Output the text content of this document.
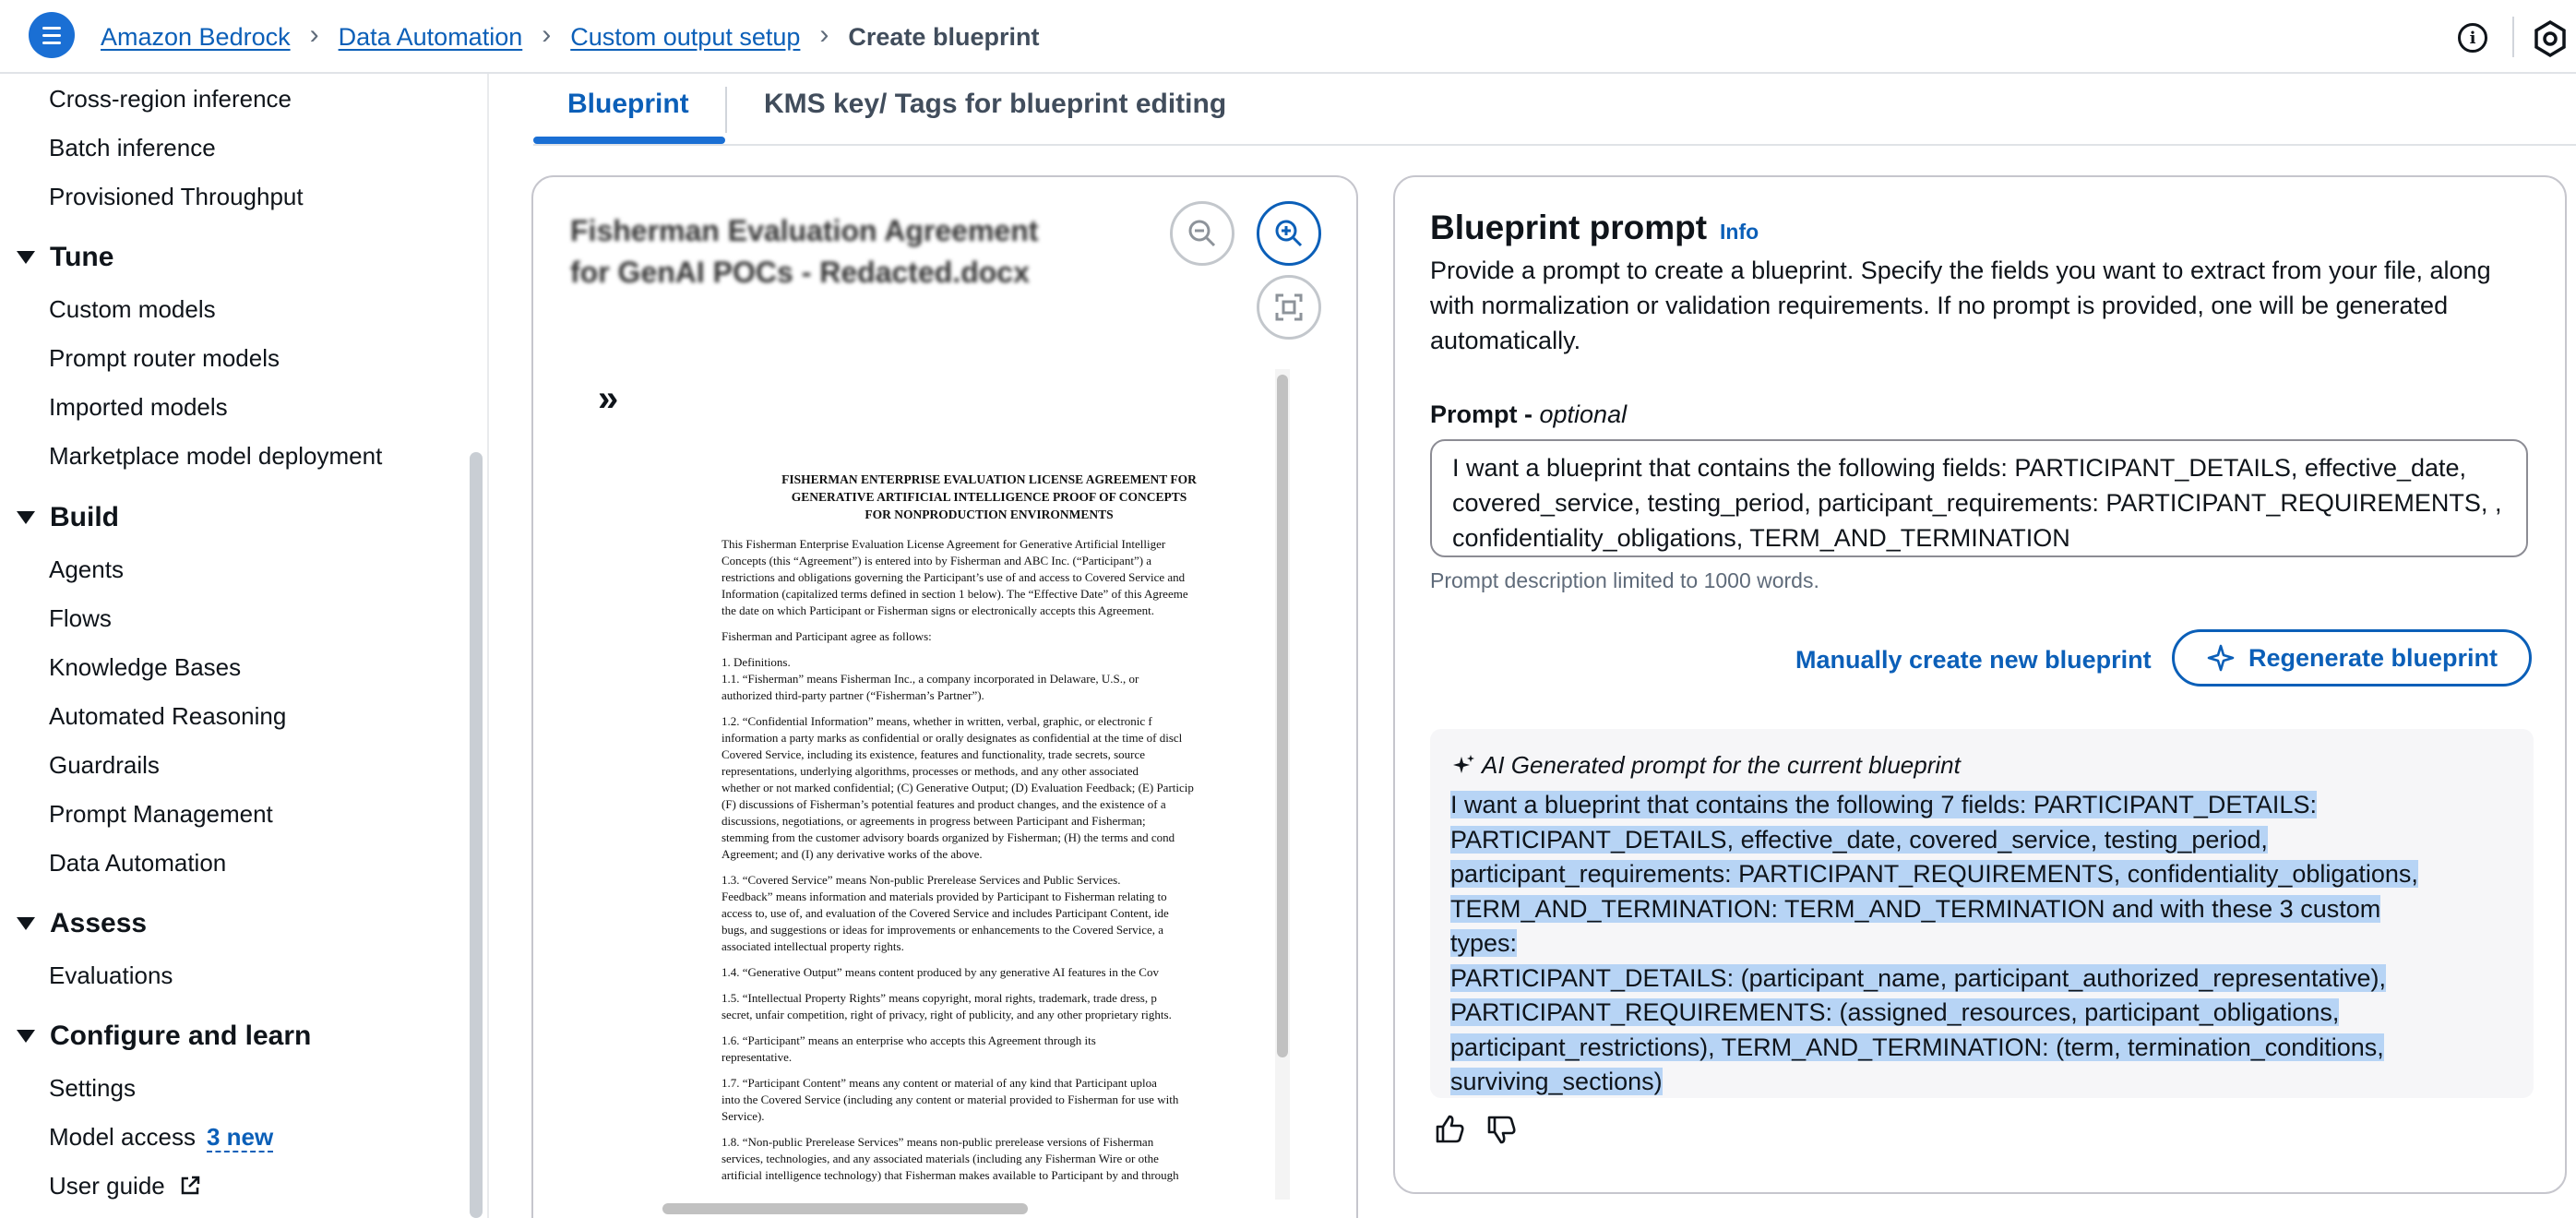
Amazon Bedrock › Data Automation › Custom output setup › Create blueprint	i
Cross-region inference
Batch inference
Provisioned Throughput
Tune
Custom models
Prompt router models
Imported models
Marketplace model deployment
Build
Agents
Flows
Knowledge Bases
Automated Reasoning
Guardrails
Prompt Management
Data Automation
Assess
Evaluations
Configure and learn
Settings
Model access 3 new
User guide
Blueprint	KMS key/ Tags for blueprint editing
Fisherman Evaluation Agreement for GenAI POCs - Redacted.docx
»
FISHERMAN ENTERPRISE EVALUATION LICENSE AGREEMENT FOR
GENERATIVE ARTIFICIAL INTELLIGENCE PROOF OF CONCEPTS
FOR NONPRODUCTION ENVIRONMENTS
This Fisherman Enterprise Evaluation License Agreement for Generative Artificial Intelliger
Concepts (this “Agreement”) is entered into by Fisherman and ABC Inc. (“Participant”) a
restrictions and obligations governing the Participant’s use of and access to Covered Service and
Information (capitalized terms defined in section 1 below). The “Effective Date” of this Agreeme
the date on which Participant or Fisherman signs or electronically accepts this Agreement.
Fisherman and Participant agree as follows:
1. Definitions.
1.1. “Fisherman” means Fisherman Inc., a company incorporated in Delaware, U.S., or
authorized third-party partner (“Fisherman’s Partner”).
1.2. “Confidential Information” means, whether in written, verbal, graphic, or electronic f
information a party marks as confidential or orally designates as confidential at the time of discl
Covered Service, including its existence, features and functionality, trade secrets, source
representations, underlying algorithms, processes or methods, and any other associated
whether or not marked confidential; (C) Generative Output; (D) Evaluation Feedback; (E) Particip
(F) discussions of Fisherman’s potential features and product changes, and the existence of a
discussions, negotiations, or agreements in progress between Participant and Fisherman;
stemming from the customer advisory boards organized by Fisherman; (H) the terms and cond
Agreement; and (I) any derivative works of the above.
1.3. “Covered Service” means Non-public Prerelease Services and Public Services.
Feedback” means information and materials provided by Participant to Fisherman relating to
access to, use of, and evaluation of the Covered Service and includes Participant Content, ide
bugs, and suggestions or ideas for improvements or enhancements to the Covered Service, a
associated intellectual property rights.
1.4. “Generative Output” means content produced by any generative AI features in the Cov
1.5. “Intellectual Property Rights” means copyright, moral rights, trademark, trade dress, p
secret, unfair competition, right of privacy, right of publicity, and any other proprietary rights.
1.6. “Participant” means an enterprise who accepts this Agreement through its
representative.
1.7. “Participant Content” means any content or material of any kind that Participant uploa
into the Covered Service (including any content or material provided to Fisherman for use with
Service).
1.8. “Non-public Prerelease Services” means non-public prerelease versions of Fisherman
services, technologies, and any associated materials (including any Fisherman Wire or othe
artificial intelligence technology) that Fisherman makes available to Participant by and through
Blueprint prompt Info
Provide a prompt to create a blueprint. Specify the fields you want to extract from your file, along with normalization or validation requirements. If no prompt is provided, one will be generated automatically.
Prompt - optional
I want a blueprint that contains the following fields: PARTICIPANT_DETAILS, effective_date, covered_service, testing_period, participant_requirements: PARTICIPANT_REQUIREMENTS, , confidentiality_obligations, TERM_AND_TERMINATION
Prompt description limited to 1000 words.
Manually create new blueprint	Regenerate blueprint
AI Generated prompt for the current blueprint
I want a blueprint that contains the following 7 fields: PARTICIPANT_DETAILS:
PARTICIPANT_DETAILS, effective_date, covered_service, testing_period,
participant_requirements: PARTICIPANT_REQUIREMENTS, confidentiality_obligations,
TERM_AND_TERMINATION: TERM_AND_TERMINATION and with these 3 custom types:
PARTICIPANT_DETAILS: (participant_name, participant_authorized_representative),
PARTICIPANT_REQUIREMENTS: (assigned_resources, participant_obligations,
participant_restrictions), TERM_AND_TERMINATION: (term, termination_conditions,
surviving_sections)
